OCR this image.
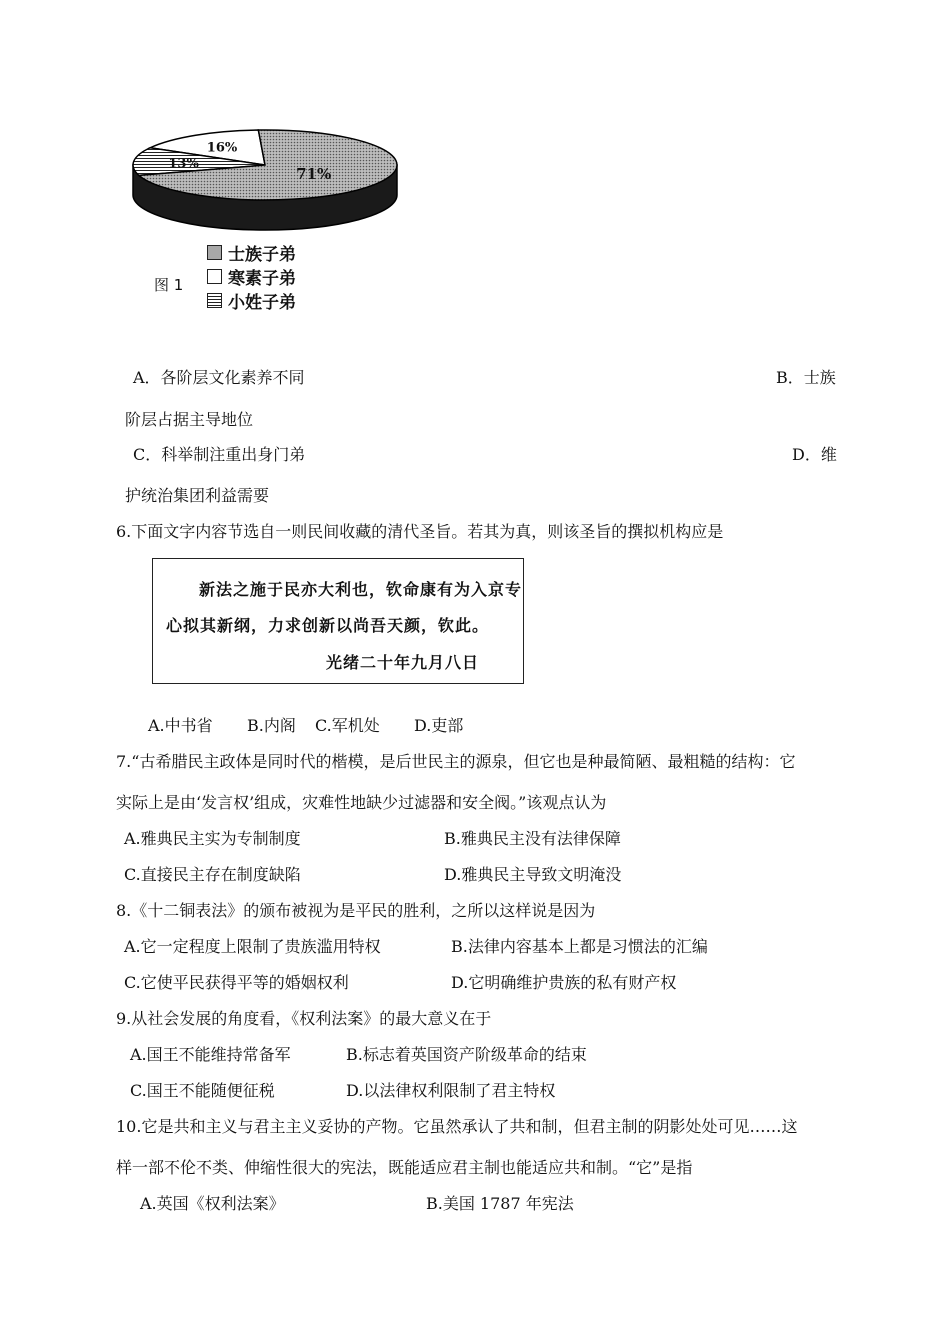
16%
13%
71%
士族子弟
寒素子弟
小姓子弟
图 1
A．各阶层文化素养不同	B．士族
阶层占据主导地位
C．科举制注重出身门弟	D．维
护统治集团利益需要
6.下面文字内容节选自一则民间收藏的清代圣旨。若其为真，则该圣旨的撰拟机构应是
新法之施于民亦大利也，钦命康有为入京专
心拟其新纲，力求创新以尚吾天颜，钦此。
光绪二十年九月八日
A.中书省 B.内阁 C.军机处 D.吏部
7.“古希腊民主政体是同时代的楷模，是后世民主的源泉，但它也是种最简陋、最粗糙的结构：它
实际上是由‘发言权’组成，灾难性地缺少过滤器和安全阀。”该观点认为
A.雅典民主实为专制制度	B.雅典民主没有法律保障
C.直接民主存在制度缺陷	D.雅典民主导致文明淹没
8.《十二铜表法》的颁布被视为是平民的胜利，之所以这样说是因为
A.它一定程度上限制了贵族滥用特权	B.法律内容基本上都是习惯法的汇编
C.它使平民获得平等的婚姻权利	D.它明确维护贵族的私有财产权
9.从社会发展的角度看，《权利法案》的最大意义在于
A.国王不能维持常备军	B.标志着英国资产阶级革命的结束
C.国王不能随便征税	D.以法律权利限制了君主特权
10.它是共和主义与君主主义妥协的产物。它虽然承认了共和制，但君主制的阴影处处可见……这
样一部不伦不类、伸缩性很大的宪法，既能适应君主制也能适应共和制。“它”是指
A.英国《权利法案》	B.美国 1787 年宪法
